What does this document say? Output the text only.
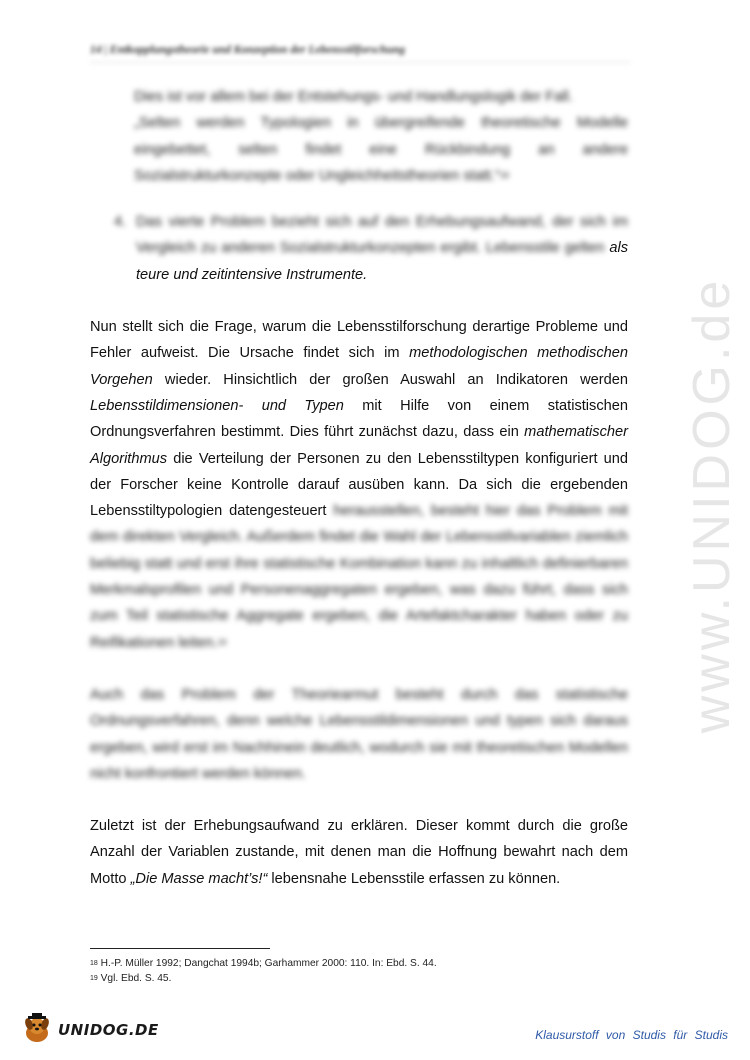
www.UNIDOG.de
14 | Entkopplungstheorie und Konzeption der Lebensstilforschung

Dies ist vor allem bei der Entstehungs- und Handlungslogik der Fall.

„Selten werden Typologien in übergreifende theoretische Modelle eingebettet, selten findet eine Rückbindung an andere Sozialstrukturkonzepte oder Ungleichheitstheorien statt.“$^{18}$

4. Das vierte Problem bezieht sich auf den Erhebungsaufwand, der sich im Vergleich zu anderen Sozialstrukturkonzepten ergibt. Lebensstile gelten als teure und zeitintensive Instrumente.

Nun stellt sich die Frage, warum die Lebensstilforschung derartige Probleme und Fehler aufweist. Die Ursache findet sich im methodologischen methodischen Vorgehen wieder. Hinsichtlich der großen Auswahl an Indikatoren werden Lebensstildimensionen- und Typen mit Hilfe von einem statistischen Ordnungsverfahren bestimmt. Dies führt zunächst dazu, dass ein mathematischer Algorithmus die Verteilung der Personen zu den Lebensstiltypen konfiguriert und der Forscher keine Kontrolle darauf ausüben kann. Da sich die ergebenden Lebensstiltypologien datengesteuert herausstellen, besteht hier das Problem mit dem direkten Vergleich. Außerdem findet die Wahl der Lebensstilvariablen ziemlich beliebig statt und erst ihre statistische Kombination kann zu inhaltlich definierbaren Merkmalsprofilen und Personenaggregaten ergeben, was dazu führt, dass sich zum Teil statistische Aggregate ergeben, die Artefaktcharakter haben oder zu Reifikationen leiten.$^{19}$

Auch das Problem der Theoriearmut besteht durch das statistische Ordnungsverfahren, denn welche Lebensstildimensionen und typen sich daraus ergeben, wird erst im Nachhinein deutlich, wodurch sie mit theoretischen Modellen nicht konfrontiert werden können.

Zuletzt ist der Erhebungsaufwand zu erklären. Dieser kommt durch die große Anzahl der Variablen zustande, mit denen man die Hoffnung bewahrt nach dem Motto „Die Masse macht’s!“ lebensnahe Lebensstile erfassen zu können.

$^{18}$ H.-P. Müller 1992; Dangchat 1994b; Garhammer 2000: 110. In: Ebd. S. 44.
$^{19}$ Vgl. Ebd. S. 45.
UNIDOG.DE	Klausurstoff von Studis für Studis
